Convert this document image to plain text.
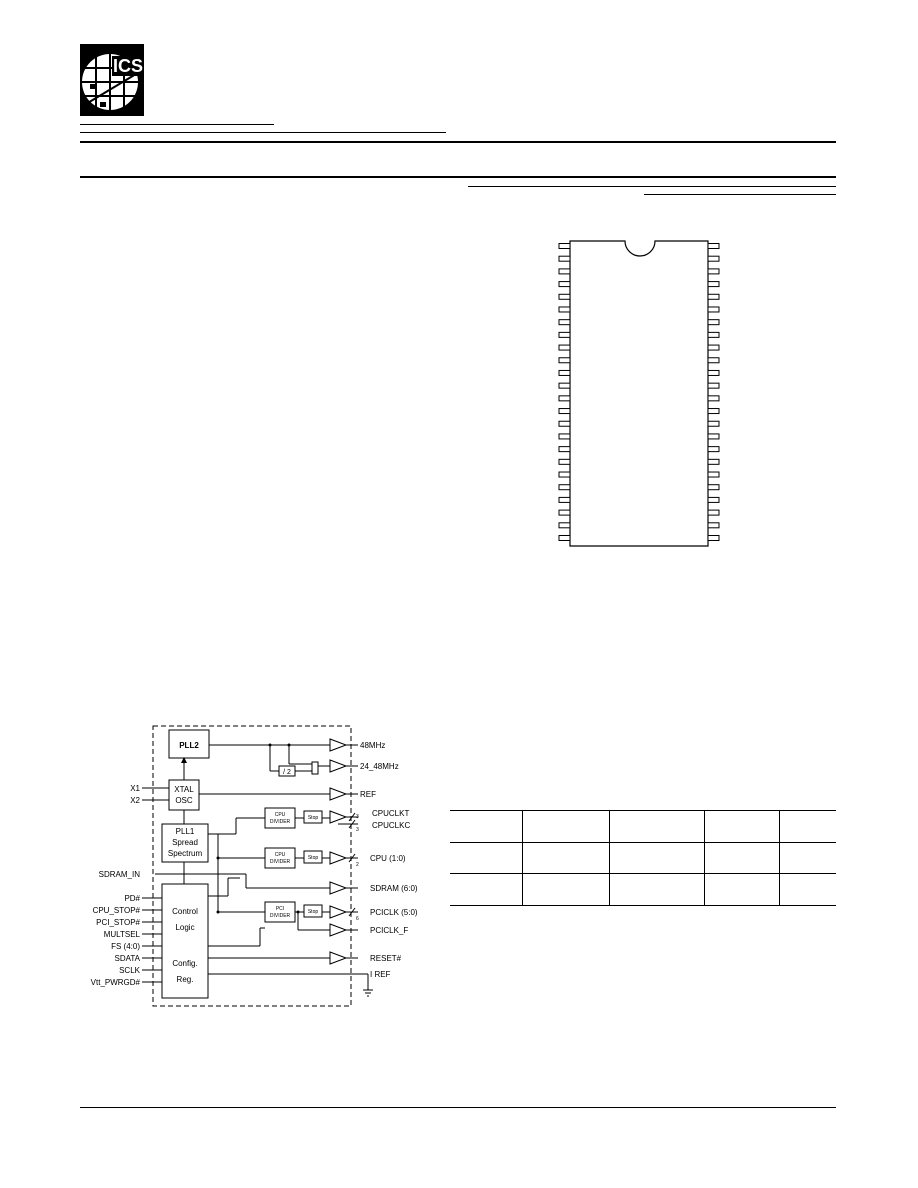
ICS
PLL2
XTAL
OSC
PLL1
Spread
Spectrum
Control
Logic
Config.
Reg.
CPU
DIVIDER
CPU
DIVIDER
PCI
DIVIDER
Stop
Stop
Stop
/ 2
X1
X2
SDRAM_IN
PD#
CPU_STOP#
PCI_STOP#
MULTSEL
FS (4:0)
SDATA
SCLK
Vtt_PWRGD#
48MHz
24_48MHz
REF
CPUCLKT
CPUCLKC
CPU (1:0)
SDRAM (6:0)
PCICLK (5:0)
PCICLK_F
RESET#
I REF
3
3
2
6
